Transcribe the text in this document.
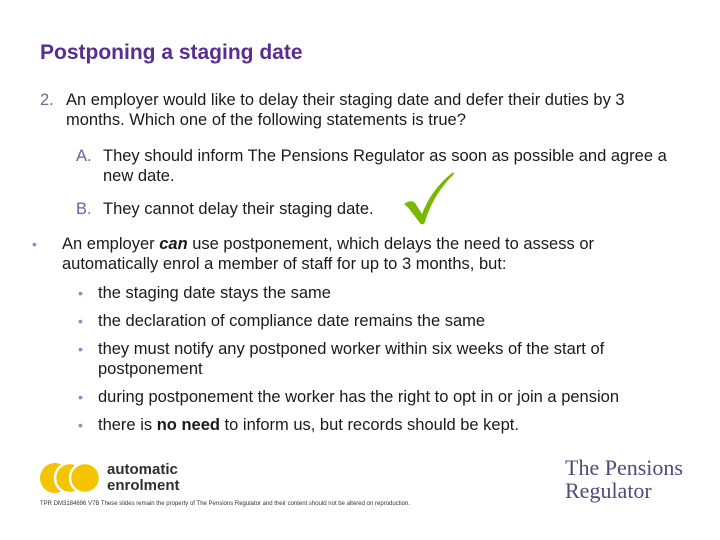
Postponing a staging date
2. An employer would like to delay their staging date and defer their duties by 3 months. Which one of the following statements is true?
A. They should inform The Pensions Regulator as soon as possible and agree a new date.
B. They cannot delay their staging date.
• An employer can use postponement, which delays the need to assess or automatically enrol a member of staff for up to 3 months, but:
• the staging date stays the same
• the declaration of compliance date remains the same
• they must notify any postponed worker within six weeks of the start of postponement
• during postponement the worker has the right to opt in or join a pension
• there is no need to inform us, but records should be kept.
automatic
enrolment
The Pensions
Regulator
TPR DM3184696 V7B These slides remain the property of The Pensions Regulator and their content should not be altered on reproduction.
